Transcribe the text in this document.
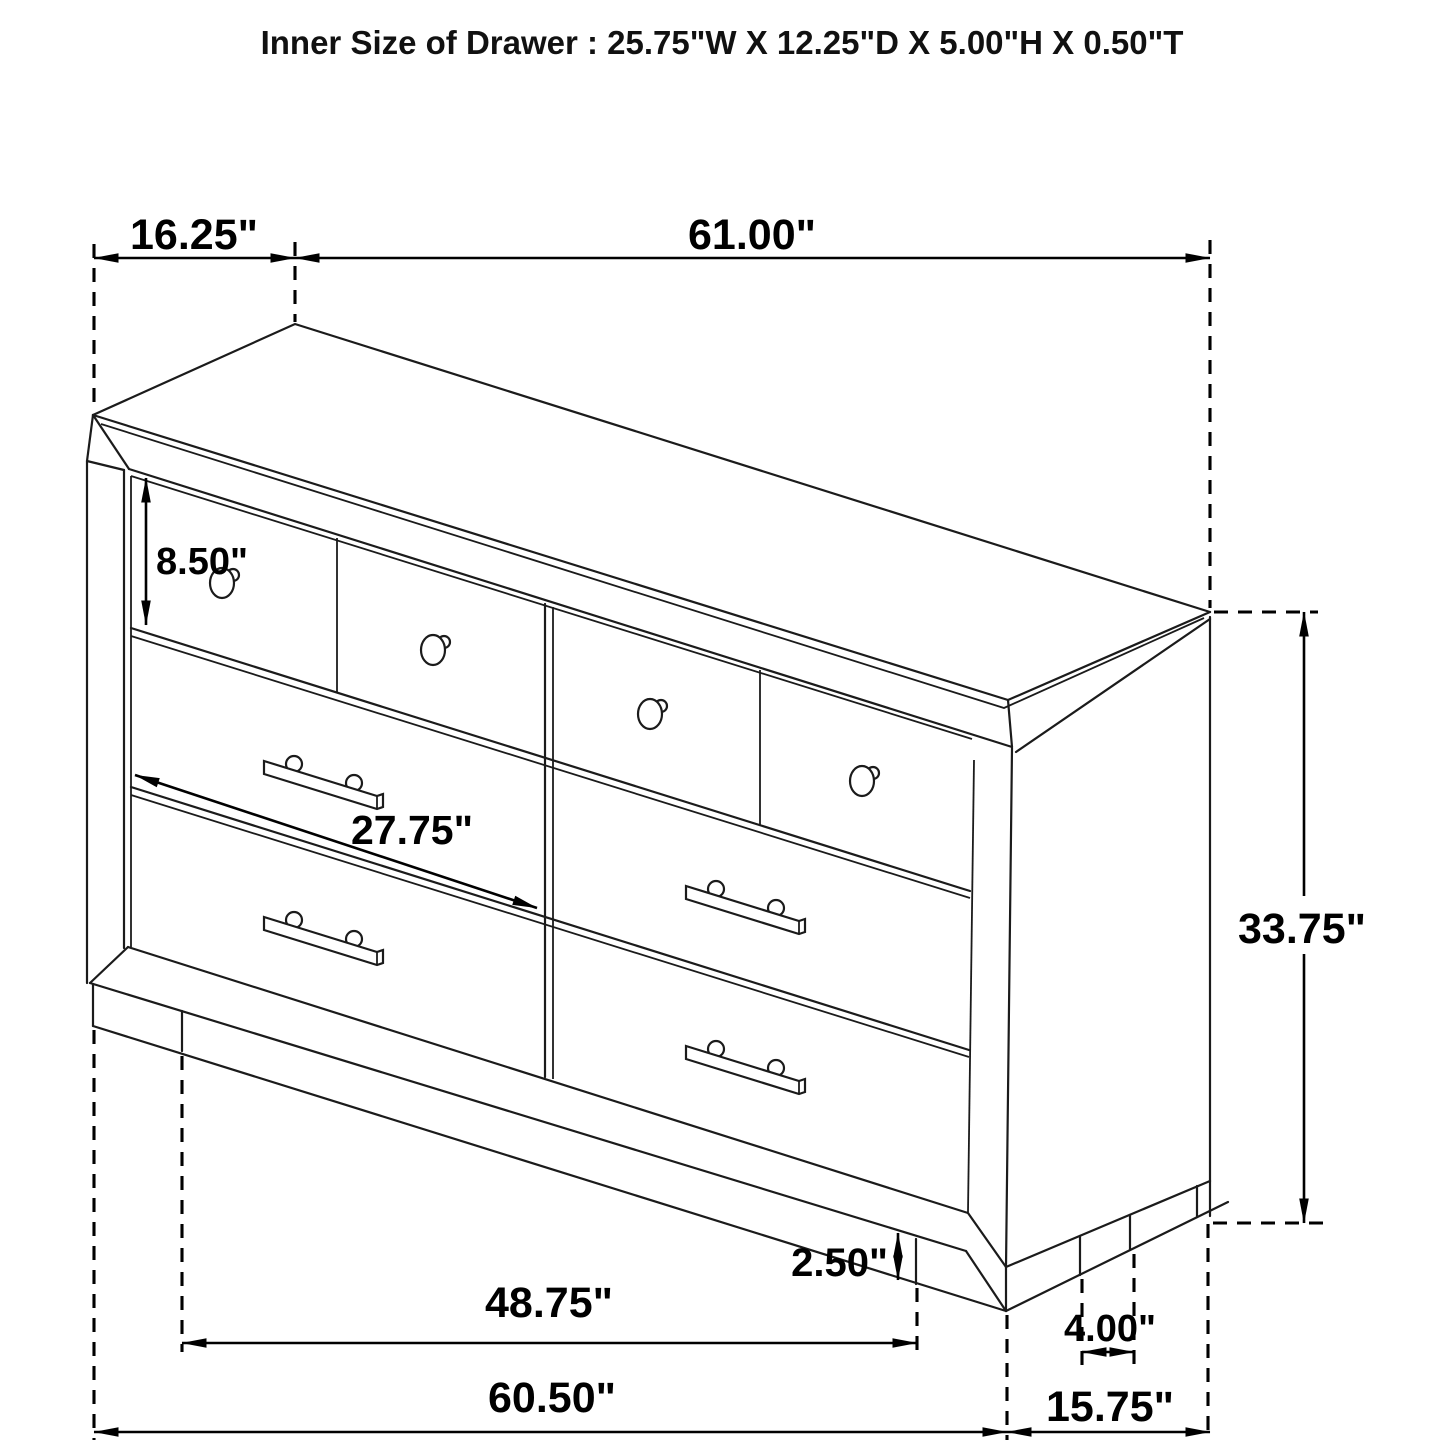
Inner Size of Drawer : 25.75"W X 12.25"D X 5.00"H X 0.50"T
16.25"	61.00"
8.50"
27.75"
33.75"
2.50"
48.75"
4.00"
60.50"	15.75"
